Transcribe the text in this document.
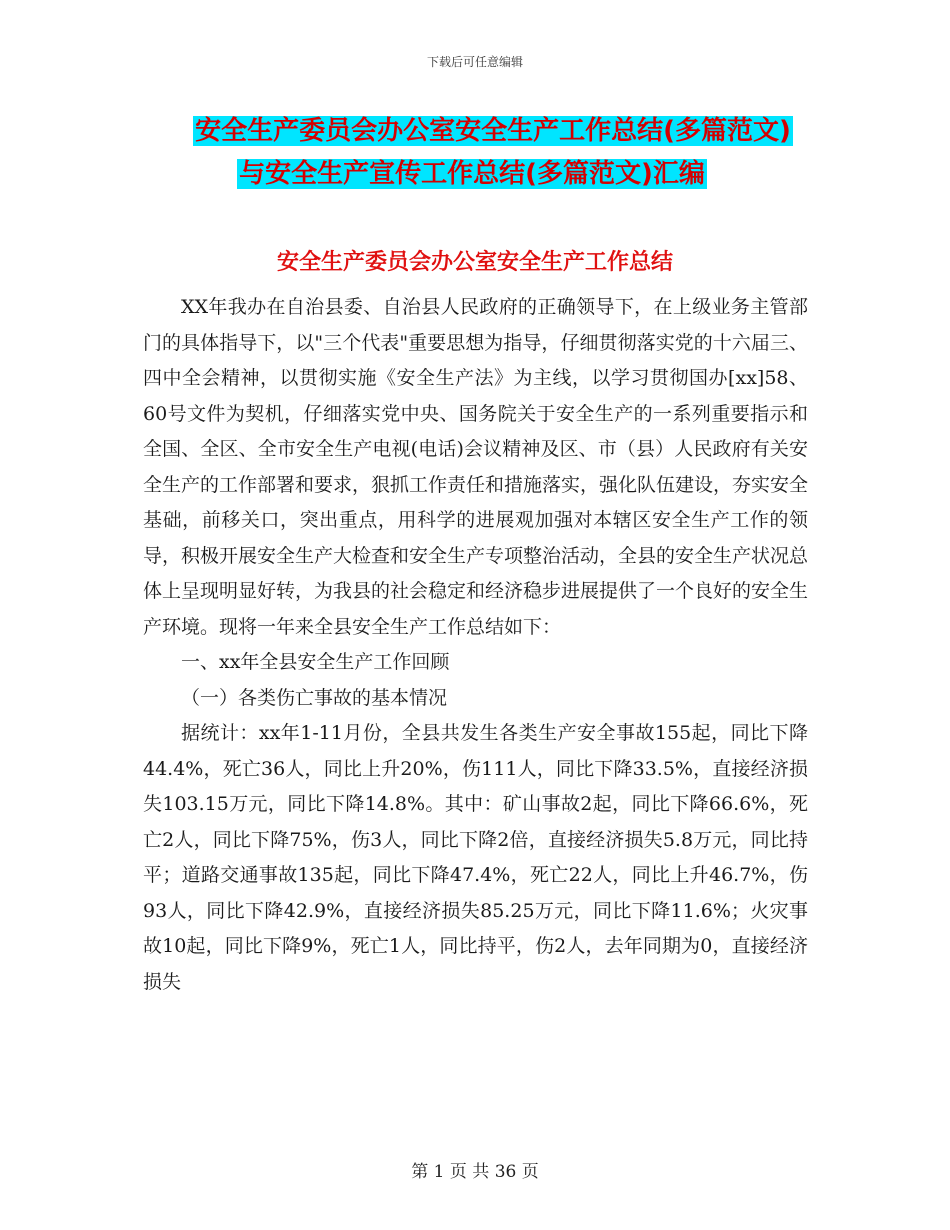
下载后可任意编辑
安全生产委员会办公室安全生产工作总结(多篇范文)
与安全生产宣传工作总结(多篇范文)汇编
安全生产委员会办公室安全生产工作总结

XX年我办在自治县委、自治县人民政府的正确领导下，在上级业务主管部门的具体指导下，以"三个代表"重要思想为指导，仔细贯彻落实党的十六届三、四中全会精神，以贯彻实施《安全生产法》为主线，以学习贯彻国办[xx]58、60号文件为契机，仔细落实党中央、国务院关于安全生产的一系列重要指示和全国、全区、全市安全生产电视(电话)会议精神及区、市（县）人民政府有关安全生产的工作部署和要求，狠抓工作责任和措施落实，强化队伍建设，夯实安全基础，前移关口，突出重点，用科学的进展观加强对本辖区安全生产工作的领导，积极开展安全生产大检查和安全生产专项整治活动，全县的安全生产状况总体上呈现明显好转，为我县的社会稳定和经济稳步进展提供了一个良好的安全生产环境。现将一年来全县安全生产工作总结如下：

一、xx年全县安全生产工作回顾

（一）各类伤亡事故的基本情况

据统计：xx年1-11月份，全县共发生各类生产安全事故155起，同比下降44.4%，死亡36人，同比上升20%，伤111人，同比下降33.5%，直接经济损失103.15万元，同比下降14.8%。其中：矿山事故2起，同比下降66.6%，死亡2人，同比下降75%，伤3人，同比下降2倍，直接经济损失5.8万元，同比持平；道路交通事故135起，同比下降47.4%，死亡22人，同比上升46.7%，伤93人，同比下降42.9%，直接经济损失85.25万元，同比下降11.6%；火灾事故10起，同比下降9%，死亡1人，同比持平，伤2人，去年同期为0，直接经济损失

第 1 页 共 36 页
